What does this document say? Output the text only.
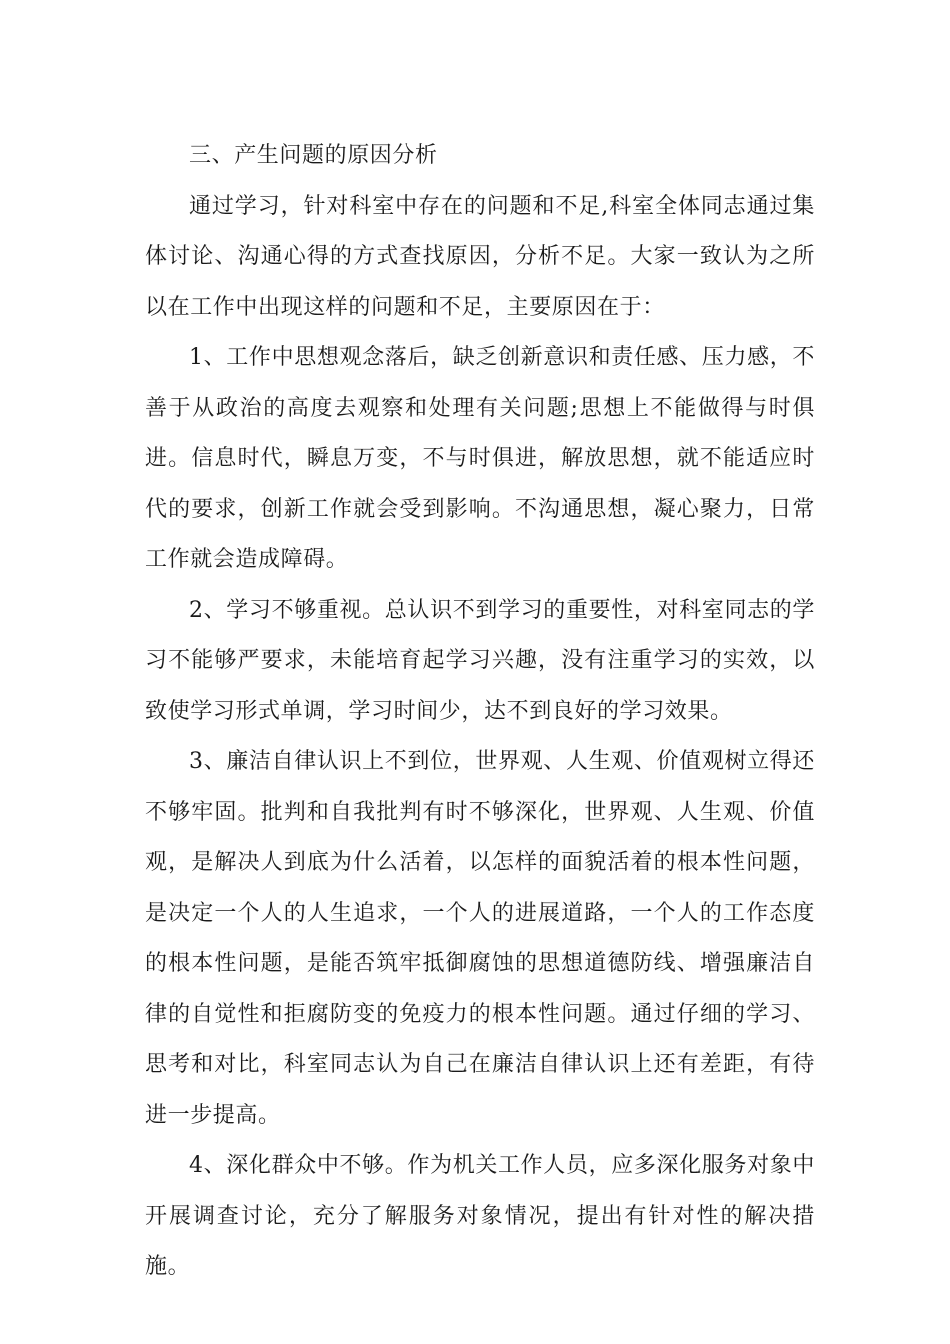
三、产生问题的原因分析

通过学习，针对科室中存在的问题和不足,科室全体同志通过集体讨论、沟通心得的方式查找原因，分析不足。大家一致认为之所以在工作中出现这样的问题和不足，主要原因在于：

1、工作中思想观念落后，缺乏创新意识和责任感、压力感，不善于从政治的高度去观察和处理有关问题;思想上不能做得与时俱进。信息时代，瞬息万变，不与时俱进，解放思想，就不能适应时代的要求，创新工作就会受到影响。不沟通思想，凝心聚力，日常工作就会造成障碍。

2、学习不够重视。总认识不到学习的重要性，对科室同志的学习不能够严要求，未能培育起学习兴趣，没有注重学习的实效，以致使学习形式单调，学习时间少，达不到良好的学习效果。

3、廉洁自律认识上不到位，世界观、人生观、价值观树立得还不够牢固。批判和自我批判有时不够深化，世界观、人生观、价值观，是解决人到底为什么活着，以怎样的面貌活着的根本性问题，是决定一个人的人生追求，一个人的进展道路，一个人的工作态度的根本性问题，是能否筑牢抵御腐蚀的思想道德防线、增强廉洁自律的自觉性和拒腐防变的免疫力的根本性问题。通过仔细的学习、思考和对比，科室同志认为自己在廉洁自律认识上还有差距，有待进一步提高。

4、深化群众中不够。作为机关工作人员，应多深化服务对象中开展调查讨论，充分了解服务对象情况，提出有针对性的解决措施。
